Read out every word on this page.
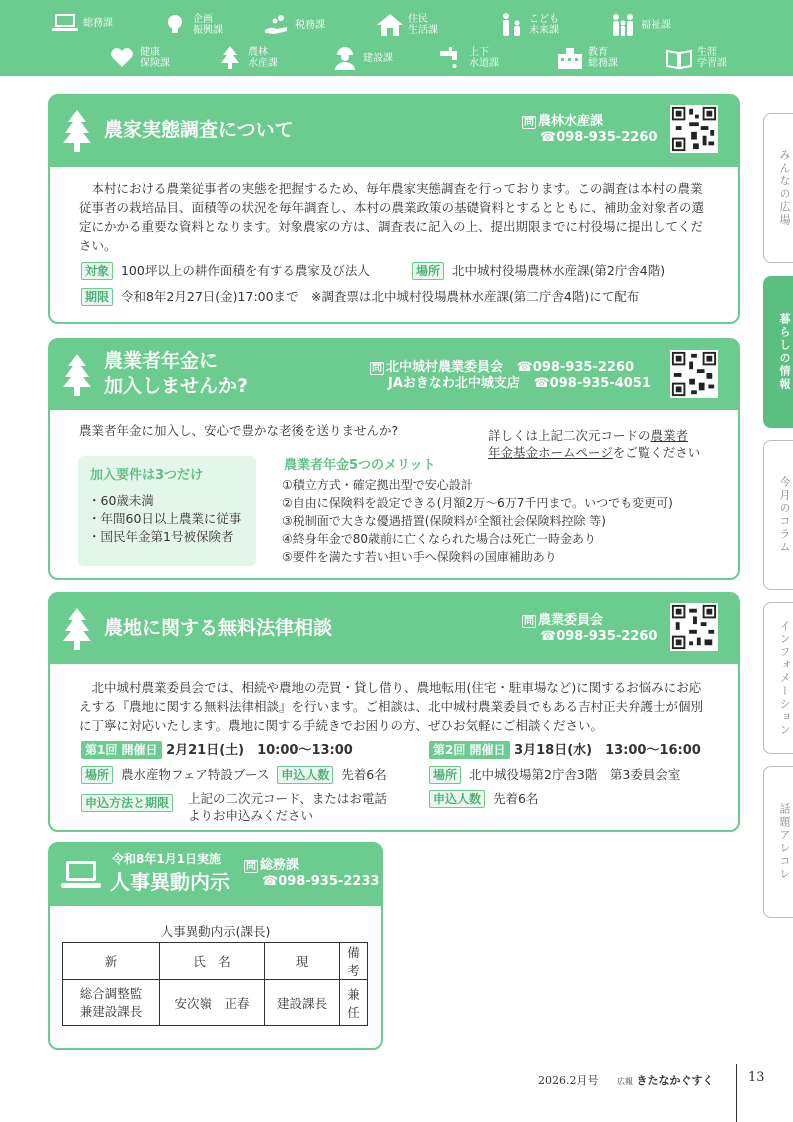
総務課	企画
振興課	税務課	住民
生活課
こども
未来課	福祉課
健康
保険課
農林
水産課	建設課	上下
水道課
教育
総務課
生涯
学習課
みんなの広場
暮らしの情報
今月のコラム
インフォメーション
話題アレコレ
農家実態調査について	問 農林水産課
☎098-935-2260
本村における農業従事者の実態を把握するため、毎年農家実態調査を行っております。この調査は本村の農業従事者の栽培品目、面積等の状況を毎年調査し、本村の農業政策の基礎資料とするとともに、補助金対象者の選定にかかる重要な資料となります。対象農家の方は、調査表に記入の上、提出期限までに村役場に提出してください。
対象 100坪以上の耕作面積を有する農家及び法人	場所 北中城村役場農林水産課(第2庁舎4階)
期限 令和8年2月27日(金)17:00まで　※調査票は北中城村役場農林水産課(第二庁舎4階)にて配布
農業者年金に
加入しませんか?
問 北中城村農業委員会 ☎098-935-2260
JAおきなわ北中城支店 ☎098-935-4051
農業者年金に加入し、安心で豊かな老後を送りませんか?	詳しくは上記二次元コードの農業者
年金基金ホームページをご覧ください
加入要件は3つだけ
・60歳未満
・年間60日以上農業に従事
・国民年金第1号被保険者
農業者年金5つのメリット
①積立方式・確定拠出型で安心設計
②自由に保険料を設定できる(月額2万〜6万7千円まで。いつでも変更可)
③税制面で大きな優遇措置(保険料が全額社会保険料控除 等)
④終身年金で80歳前に亡くなられた場合は死亡一時金あり
⑤要件を満たす若い担い手へ保険料の国庫補助あり
農地に関する無料法律相談	問 農業委員会
☎098-935-2260
北中城村農業委員会では、相続や農地の売買・貸し借り、農地転用(住宅・駐車場など)に関するお悩みにお応えする『農地に関する無料法律相談』を行います。ご相談は、北中城村農業委員でもある吉村正夫弁護士が個別に丁寧に対応いたします。農地に関する手続きでお困りの方、ぜひお気軽にご相談ください。
第1回 開催日 2月21日(土)　10:00〜13:00	第2回 開催日 3月18日(水)　13:00〜16:00
場所 農水産物フェア特設ブース 申込人数 先着6名	場所 北中城役場第2庁舎3階　第3委員会室
申込方法と期限	上記の二次元コード、またはお電話
よりお申込みください
申込人数 先着6名
令和8年1月1日実施
人事異動内示
問 総務課
☎098-935-2233
人事異動内示(課長)
新	氏　名	現	備考

総合調整監
兼建設課長	安次嶺　正春	建設課長	兼任
2026.2月号 広報 きたなかぐすく	13
